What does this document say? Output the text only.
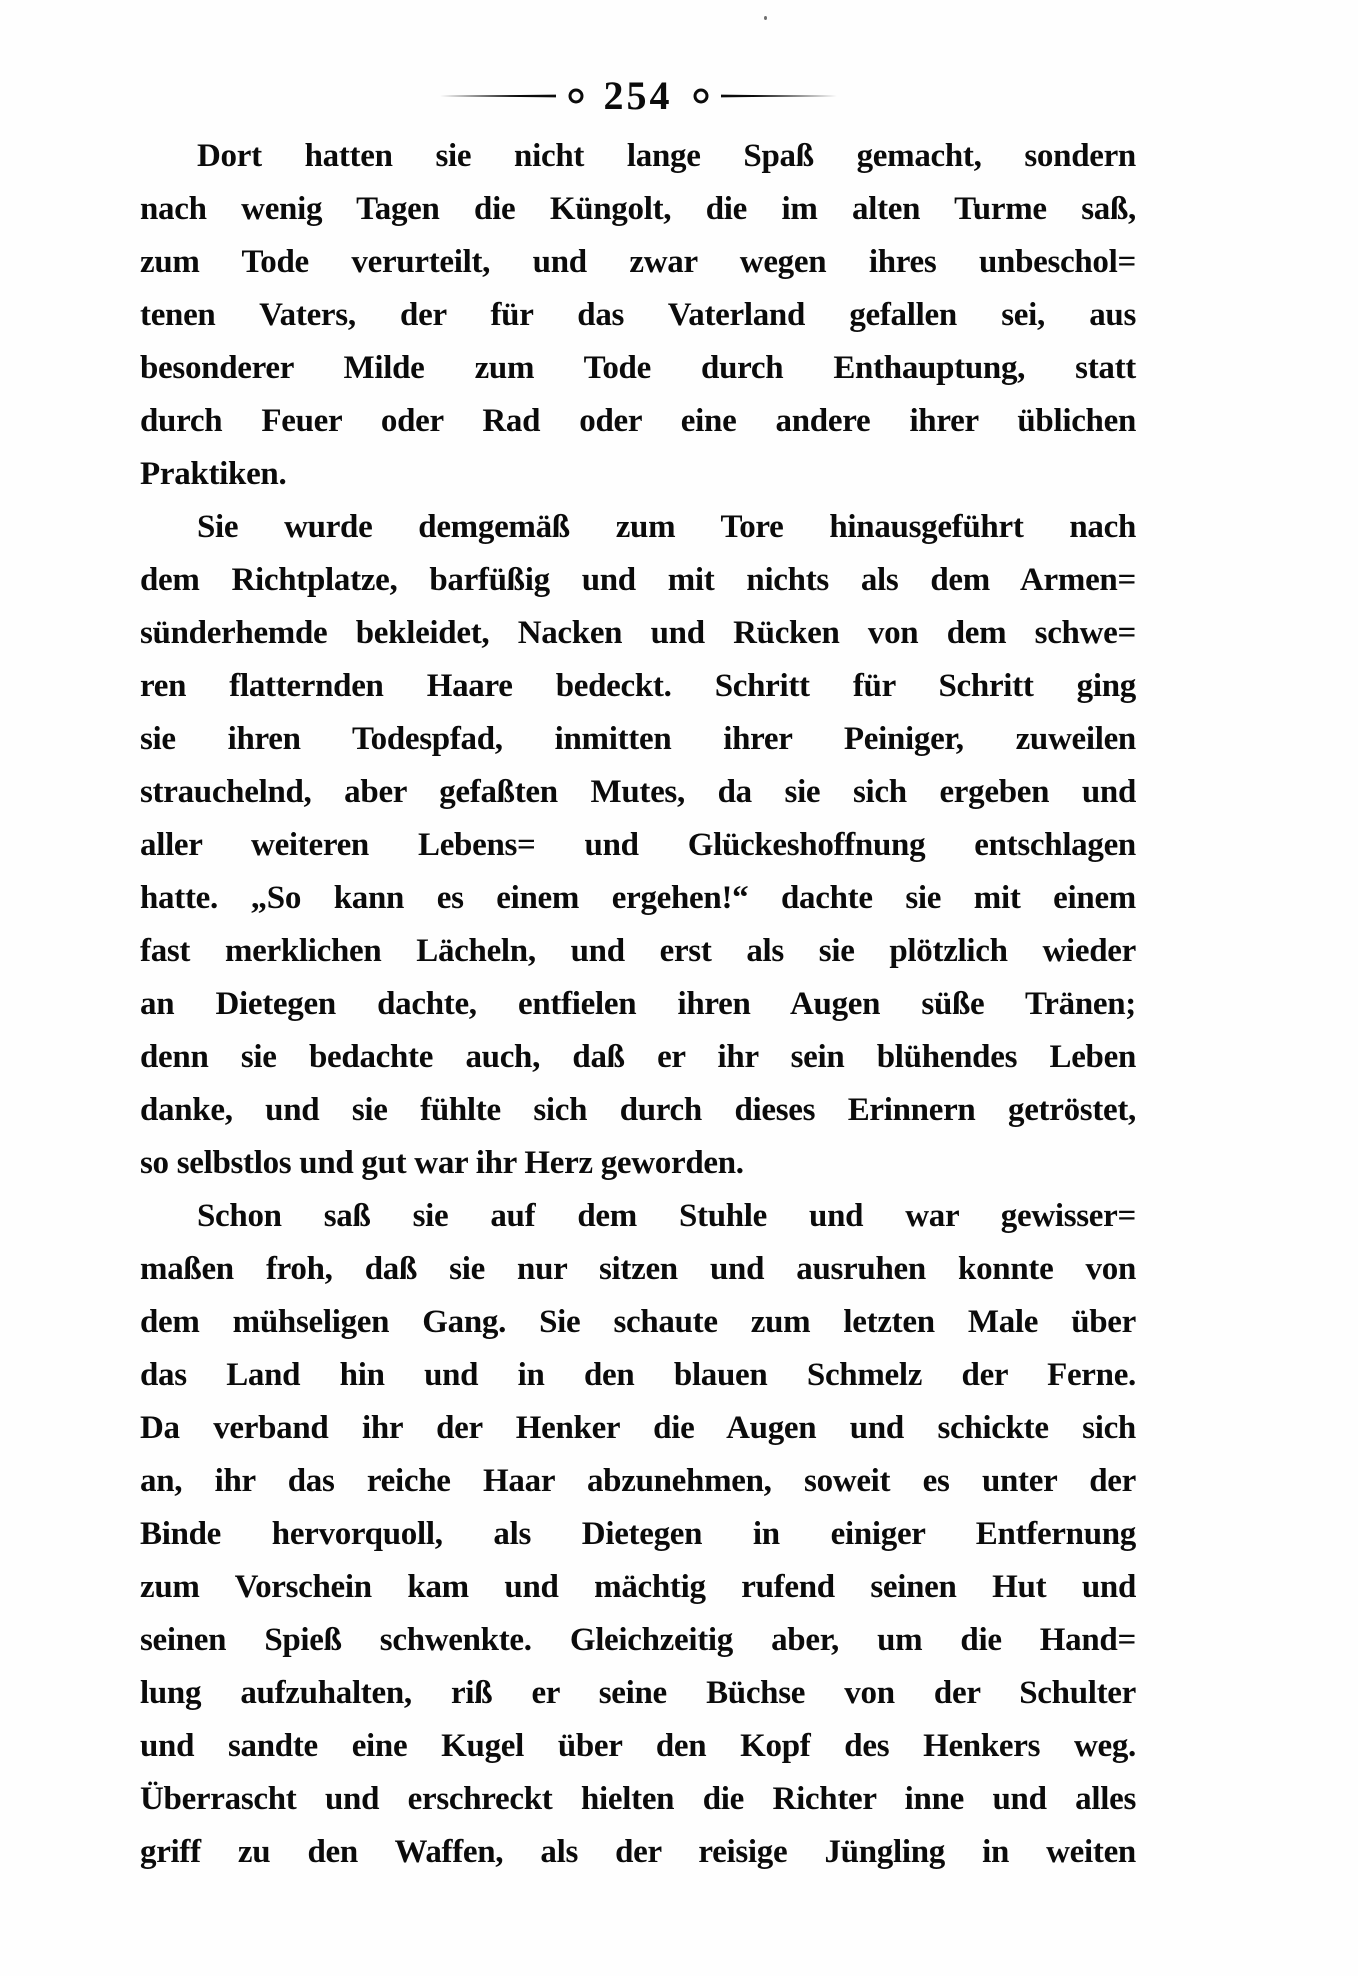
254
Dort hatten sie nicht lange Spaß gemacht, sondern
nach wenig Tagen die Küngolt, die im alten Turme saß,
zum Tode verurteilt, und zwar wegen ihres unbeschol=
tenen Vaters, der für das Vaterland gefallen sei, aus
besonderer Milde zum Tode durch Enthauptung, statt
durch Feuer oder Rad oder eine andere ihrer üblichen
Praktiken.
Sie wurde demgemäß zum Tore hinausgeführt nach
dem Richtplatze, barfüßig und mit nichts als dem Armen=
sünderhemde bekleidet, Nacken und Rücken von dem schwe=
ren flatternden Haare bedeckt. Schritt für Schritt ging
sie ihren Todespfad, inmitten ihrer Peiniger, zuweilen
strauchelnd, aber gefaßten Mutes, da sie sich ergeben und
aller weiteren Lebens= und Glückeshoffnung entschlagen
hatte. „So kann es einem ergehen!“ dachte sie mit einem
fast merklichen Lächeln, und erst als sie plötzlich wieder
an Dietegen dachte, entfielen ihren Augen süße Tränen;
denn sie bedachte auch, daß er ihr sein blühendes Leben
danke, und sie fühlte sich durch dieses Erinnern getröstet,
so selbstlos und gut war ihr Herz geworden.
Schon saß sie auf dem Stuhle und war gewisser=
maßen froh, daß sie nur sitzen und ausruhen konnte von
dem mühseligen Gang. Sie schaute zum letzten Male über
das Land hin und in den blauen Schmelz der Ferne.
Da verband ihr der Henker die Augen und schickte sich
an, ihr das reiche Haar abzunehmen, soweit es unter der
Binde hervorquoll, als Dietegen in einiger Entfernung
zum Vorschein kam und mächtig rufend seinen Hut und
seinen Spieß schwenkte. Gleichzeitig aber, um die Hand=
lung aufzuhalten, riß er seine Büchse von der Schulter
und sandte eine Kugel über den Kopf des Henkers weg.
Überrascht und erschreckt hielten die Richter inne und alles
griff zu den Waffen, als der reisige Jüngling in weiten
